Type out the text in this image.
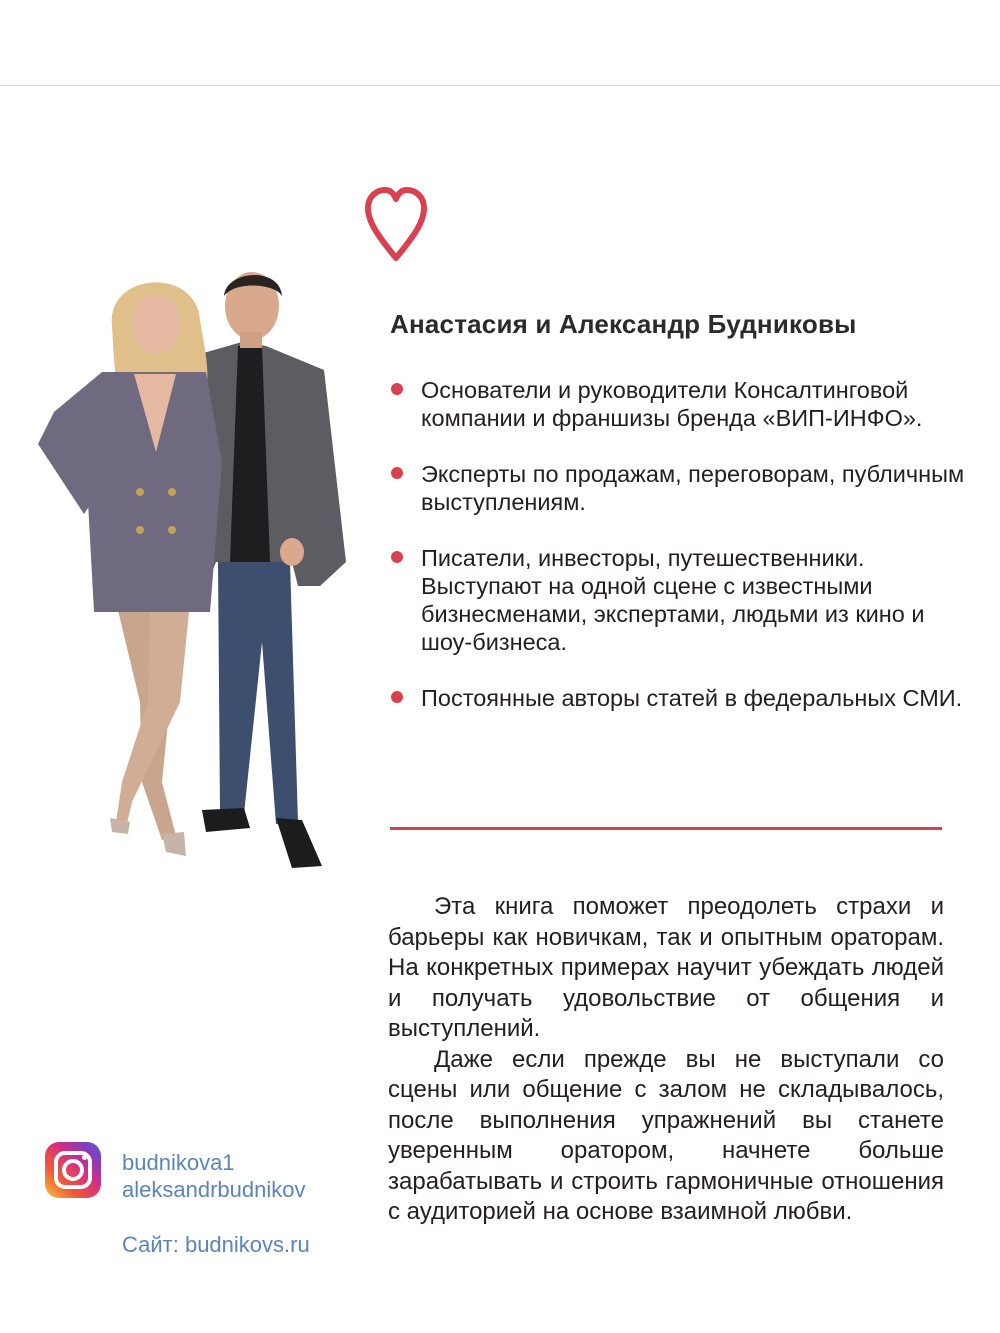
Анастасия и Александр Будниковы
Основатели и руководители Консалтинговой компании и франшизы бренда «ВИП-ИНФО».
Эксперты по продажам, переговорам, публичным выступлениям.
Писатели, инвесторы, путешественники. Выступают на одной сцене с известными бизнесменами, экспертами, людьми из кино и шоу-бизнеса.
Постоянные авторы статей в федеральных СМИ.

Эта книга поможет преодолеть страхи и барьеры как новичкам, так и опытным ораторам. На конкретных примерах научит убеждать людей и получать удовольствие от общения и выступлений.

Даже если прежде вы не выступали со сцены или общение с залом не складывалось, после выполнения упражнений вы станете уверенным оратором, начнете больше зарабатывать и строить гармоничные отношения с аудиторией на основе взаимной любви.

budnikova1
aleksandrbudnikov
Сайт: budnikovs.ru
